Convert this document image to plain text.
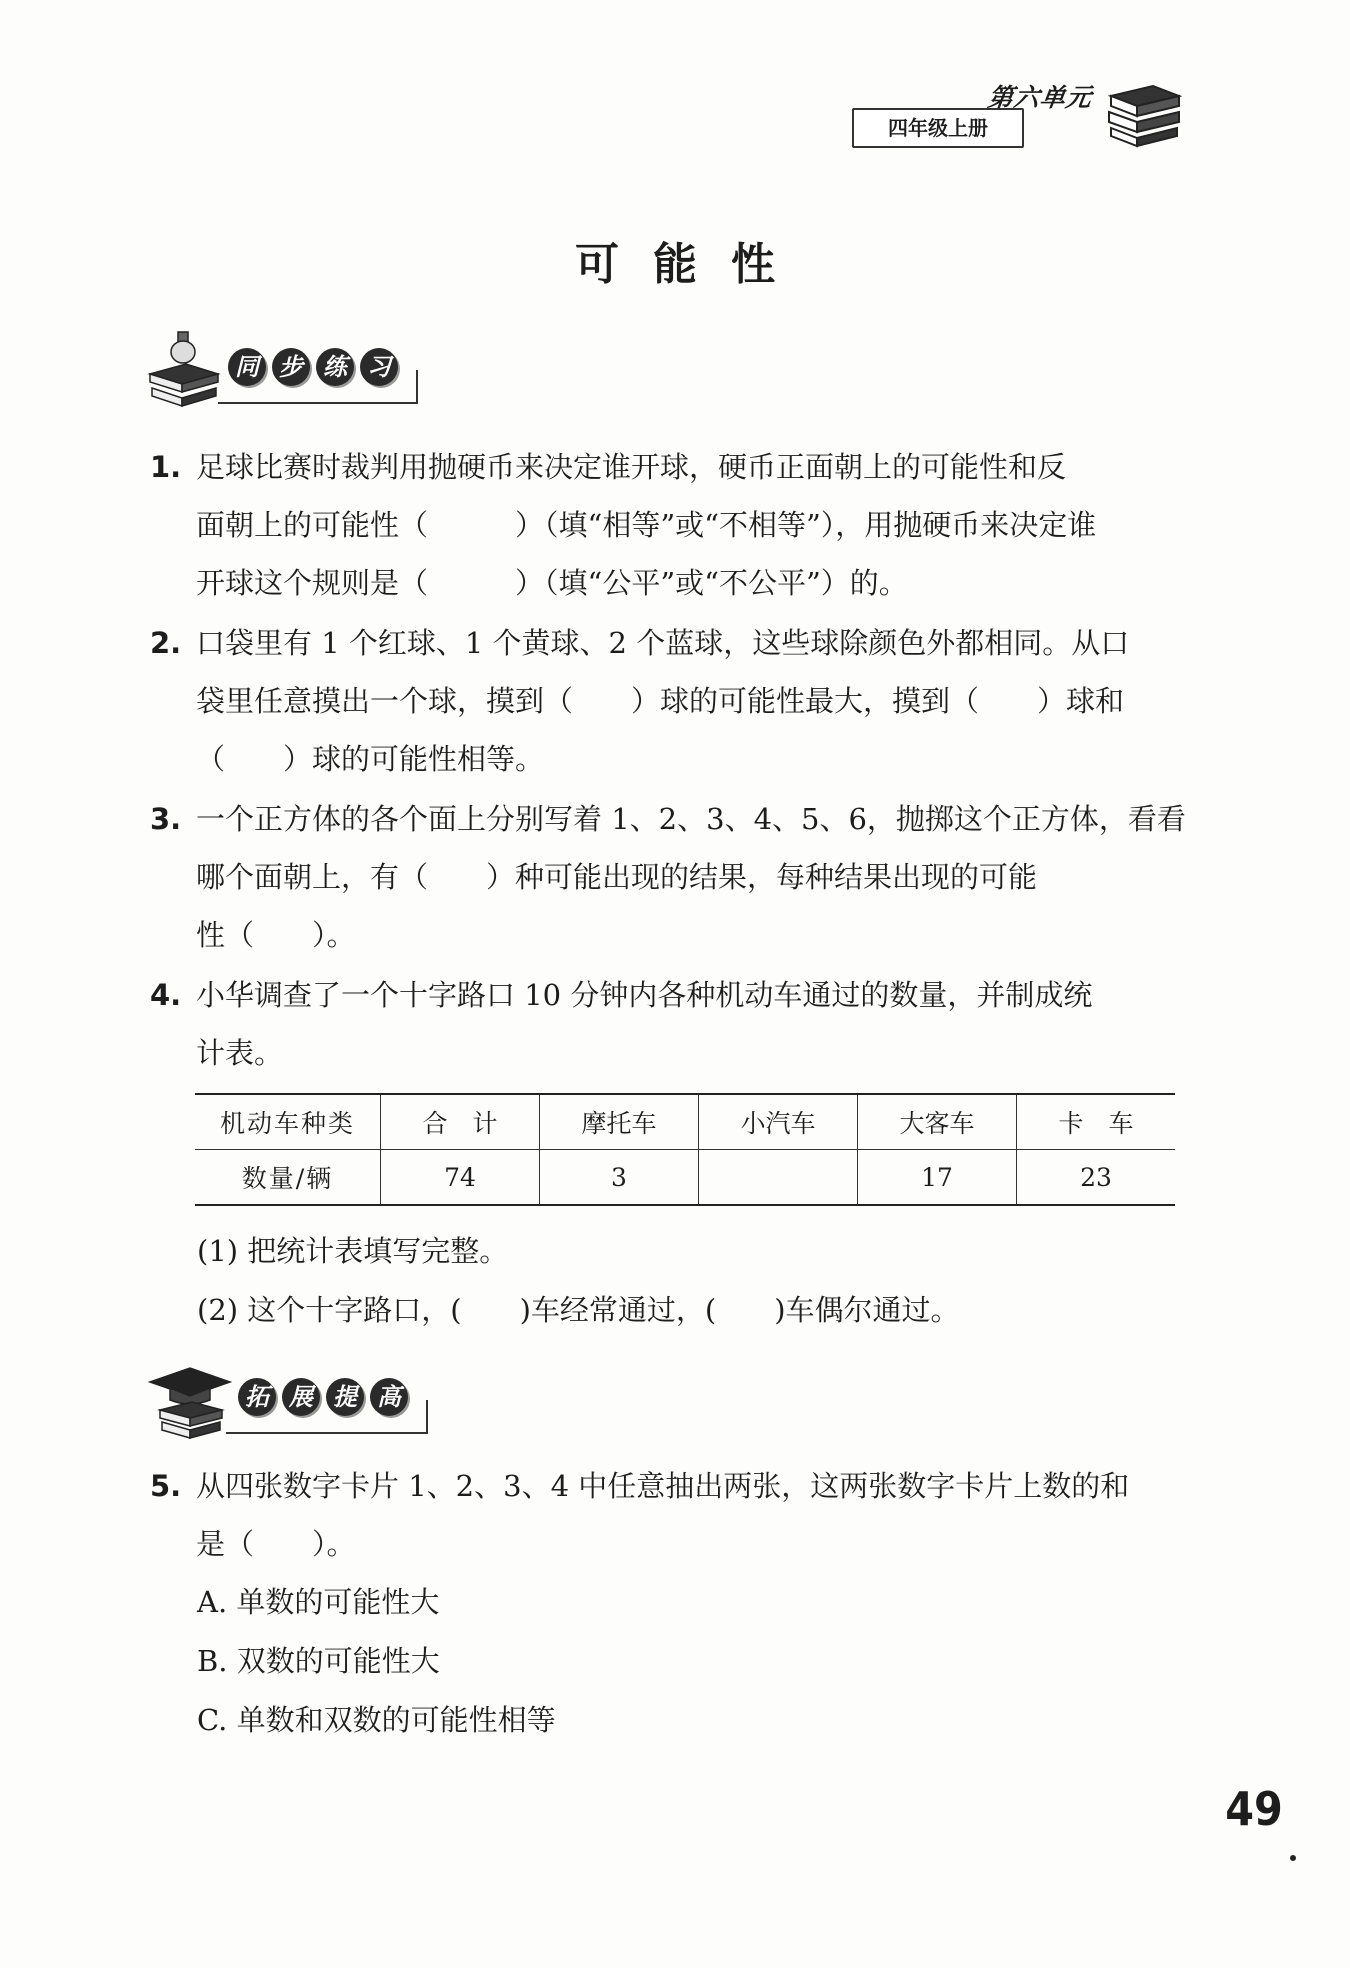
四年级上册
第六单元
可能性
同 步 练 习
1. 足球比赛时裁判用抛硬币来决定谁开球，硬币正面朝上的可能性和反
面朝上的可能性（　　　）（填“相等”或“不相等”），用抛硬币来决定谁
开球这个规则是（　　　）（填“公平”或“不公平”）的。
2. 口袋里有 1 个红球、1 个黄球、2 个蓝球，这些球除颜色外都相同。从口
袋里任意摸出一个球，摸到（　　）球的可能性最大，摸到（　　）球和
（　　）球的可能性相等。
3. 一个正方体的各个面上分别写着 1、2、3、4、5、6，抛掷这个正方体，看看
哪个面朝上，有（　　）种可能出现的结果，每种结果出现的可能
性（　　）。
4. 小华调查了一个十字路口 10 分钟内各种机动车通过的数量，并制成统
计表。
机动车种类	合　计	摩托车	小汽车	大客车	卡　车
数量/辆	74	3		17	23
(1) 把统计表填写完整。
(2) 这个十字路口，(　　)车经常通过，(　　)车偶尔通过。
拓 展 提 高
5. 从四张数字卡片 1、2、3、4 中任意抽出两张，这两张数字卡片上数的和
是（　　）。
A. 单数的可能性大
B. 双数的可能性大
C. 单数和双数的可能性相等
49
